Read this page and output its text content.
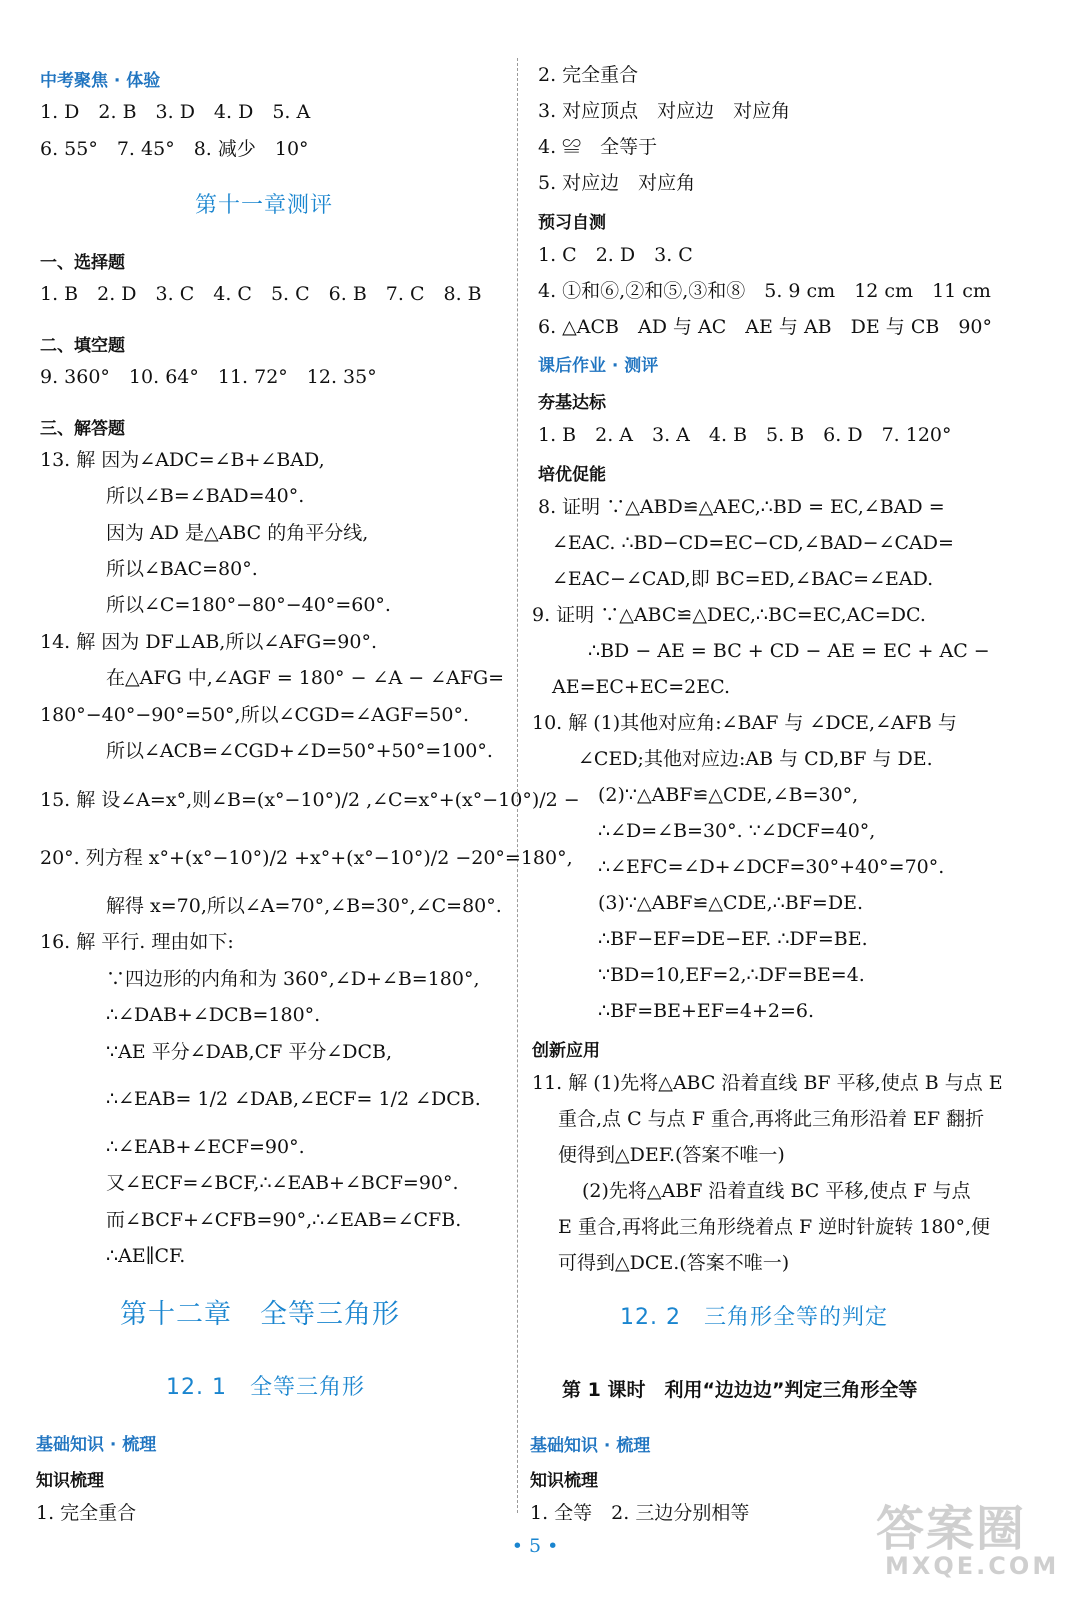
中考聚焦 · 体验
1. D　2. B　3. D　4. D　5. A
6. 55°　7. 45°　8. 减少　10°
第十一章测评
一、选择题
1. B　2. D　3. C　4. C　5. C　6. B　7. C　8. B
二、填空题
9. 360°　10. 64°　11. 72°　12. 35°
三、解答题
13. 解 因为∠ADC=∠B+∠BAD,
所以∠B=∠BAD=40°.
因为 AD 是△ABC 的角平分线,
所以∠BAC=80°.
所以∠C=180°−80°−40°=60°.
14. 解 因为 DF⊥AB,所以∠AFG=90°.
在△AFG 中,∠AGF = 180° − ∠A − ∠AFG=
180°−40°−90°=50°,所以∠CGD=∠AGF=50°.
所以∠ACB=∠CGD+∠D=50°+50°=100°.
15. 解 设∠A=x°,则∠B=(x°−10°)/2 ,∠C=x°+(x°−10°)/2 −
20°. 列方程 x°+(x°−10°)/2 +x°+(x°−10°)/2 −20°=180°,
解得 x=70,所以∠A=70°,∠B=30°,∠C=80°.
16. 解 平行. 理由如下:
∵四边形的内角和为 360°,∠D+∠B=180°,
∴∠DAB+∠DCB=180°.
∵AE 平分∠DAB,CF 平分∠DCB,
∴∠EAB= 1/2 ∠DAB,∠ECF= 1/2 ∠DCB.
∴∠EAB+∠ECF=90°.
又∠ECF=∠BCF,∴∠EAB+∠BCF=90°.
而∠BCF+∠CFB=90°,∴∠EAB=∠CFB.
∴AE∥CF.
第十二章　全等三角形
12. 1　全等三角形
基础知识 · 梳理
知识梳理
1. 完全重合
2. 完全重合
3. 对应顶点　对应边　对应角
4. ≌　全等于
5. 对应边　对应角
预习自测
1. C　2. D　3. C
4. ①和⑥,②和⑤,③和⑧　5. 9 cm　12 cm　11 cm
6. △ACB　AD 与 AC　AE 与 AB　DE 与 CB　90°
课后作业 · 测评
夯基达标
1. B　2. A　3. A　4. B　5. B　6. D　7. 120°
培优促能
8. 证明 ∵△ABD≌△AEC,∴BD = EC,∠BAD =
∠EAC. ∴BD−CD=EC−CD,∠BAD−∠CAD=
∠EAC−∠CAD,即 BC=ED,∠BAC=∠EAD.
9. 证明 ∵△ABC≌△DEC,∴BC=EC,AC=DC.
∴BD − AE = BC + CD − AE = EC + AC −
AE=EC+EC=2EC.
10. 解 (1)其他对应角:∠BAF 与 ∠DCE,∠AFB 与
∠CED;其他对应边:AB 与 CD,BF 与 DE.
(2)∵△ABF≌△CDE,∠B=30°,
∴∠D=∠B=30°. ∵∠DCF=40°,
∴∠EFC=∠D+∠DCF=30°+40°=70°.
(3)∵△ABF≌△CDE,∴BF=DE.
∴BF−EF=DE−EF. ∴DF=BE.
∵BD=10,EF=2,∴DF=BE=4.
∴BF=BE+EF=4+2=6.
创新应用
11. 解 (1)先将△ABC 沿着直线 BF 平移,使点 B 与点 E
重合,点 C 与点 F 重合,再将此三角形沿着 EF 翻折
便得到△DEF.(答案不唯一)
(2)先将△ABF 沿着直线 BC 平移,使点 F 与点
E 重合,再将此三角形绕着点 F 逆时针旋转 180°,便
可得到△DCE.(答案不唯一)
12. 2　三角形全等的判定
第 1 课时　利用“边边边”判定三角形全等
基础知识 · 梳理
知识梳理
1. 全等　2. 三边分别相等	答案圈
MXQE.COM
• 5 •
